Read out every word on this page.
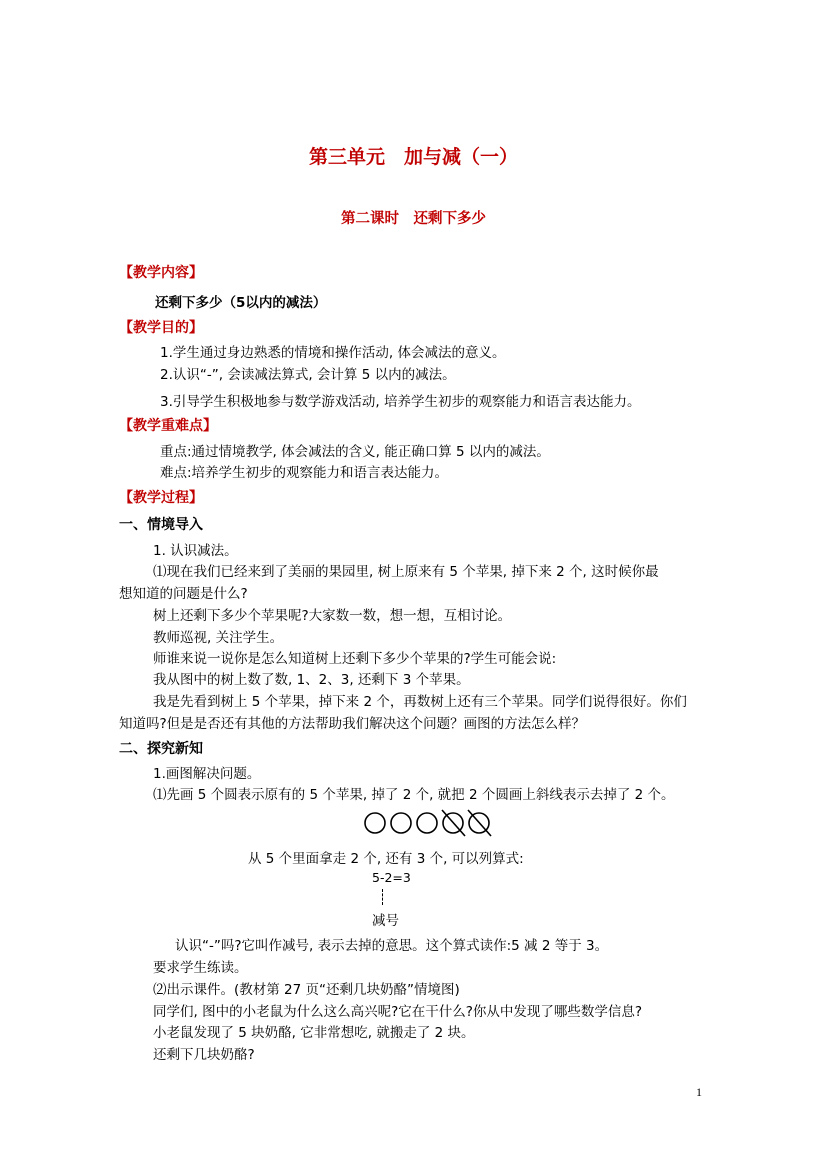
第三单元　加与减（一）
第二课时　还剩下多少
【教学内容】
还剩下多少（5以内的减法）
【教学目的】
1.学生通过身边熟悉的情境和操作活动, 体会减法的意义。
2.认识“-”, 会读减法算式, 会计算 5 以内的减法。
3.引导学生积极地参与数学游戏活动, 培养学生初步的观察能力和语言表达能力。
【教学重难点】
重点:通过情境教学, 体会减法的含义, 能正确口算 5 以内的减法。
难点:培养学生初步的观察能力和语言表达能力。
【教学过程】
一、情境导入
1. 认识减法。
⑴现在我们已经来到了美丽的果园里, 树上原来有 5 个苹果, 掉下来 2 个, 这时候你最
想知道的问题是什么?
树上还剩下多少个苹果呢?大家数一数，想一想，互相讨论。
教师巡视, 关注学生。
师谁来说一说你是怎么知道树上还剩下多少个苹果的?学生可能会说:
我从图中的树上数了数, 1、2、3, 还剩下 3 个苹果。
我是先看到树上 5 个苹果，掉下来 2 个，再数树上还有三个苹果。同学们说得很好。你们
知道吗?但是是否还有其他的方法帮助我们解决这个问题？画图的方法怎么样？
二、探究新知
1.画图解决问题。
⑴先画 5 个圆表示原有的 5 个苹果, 掉了 2 个, 就把 2 个圆画上斜线表示去掉了 2 个。
从 5 个里面拿走 2 个, 还有 3 个, 可以列算式:
5-2=3
减号
认识“-”吗?它叫作减号, 表示去掉的意思。这个算式读作:5 减 2 等于 3。
要求学生练读。
⑵出示课件。(教材第 27 页“还剩几块奶酪”情境图)
同学们, 图中的小老鼠为什么这么高兴呢?它在干什么?你从中发现了哪些数学信息?
小老鼠发现了 5 块奶酪, 它非常想吃, 就搬走了 2 块。
还剩下几块奶酪?
1
